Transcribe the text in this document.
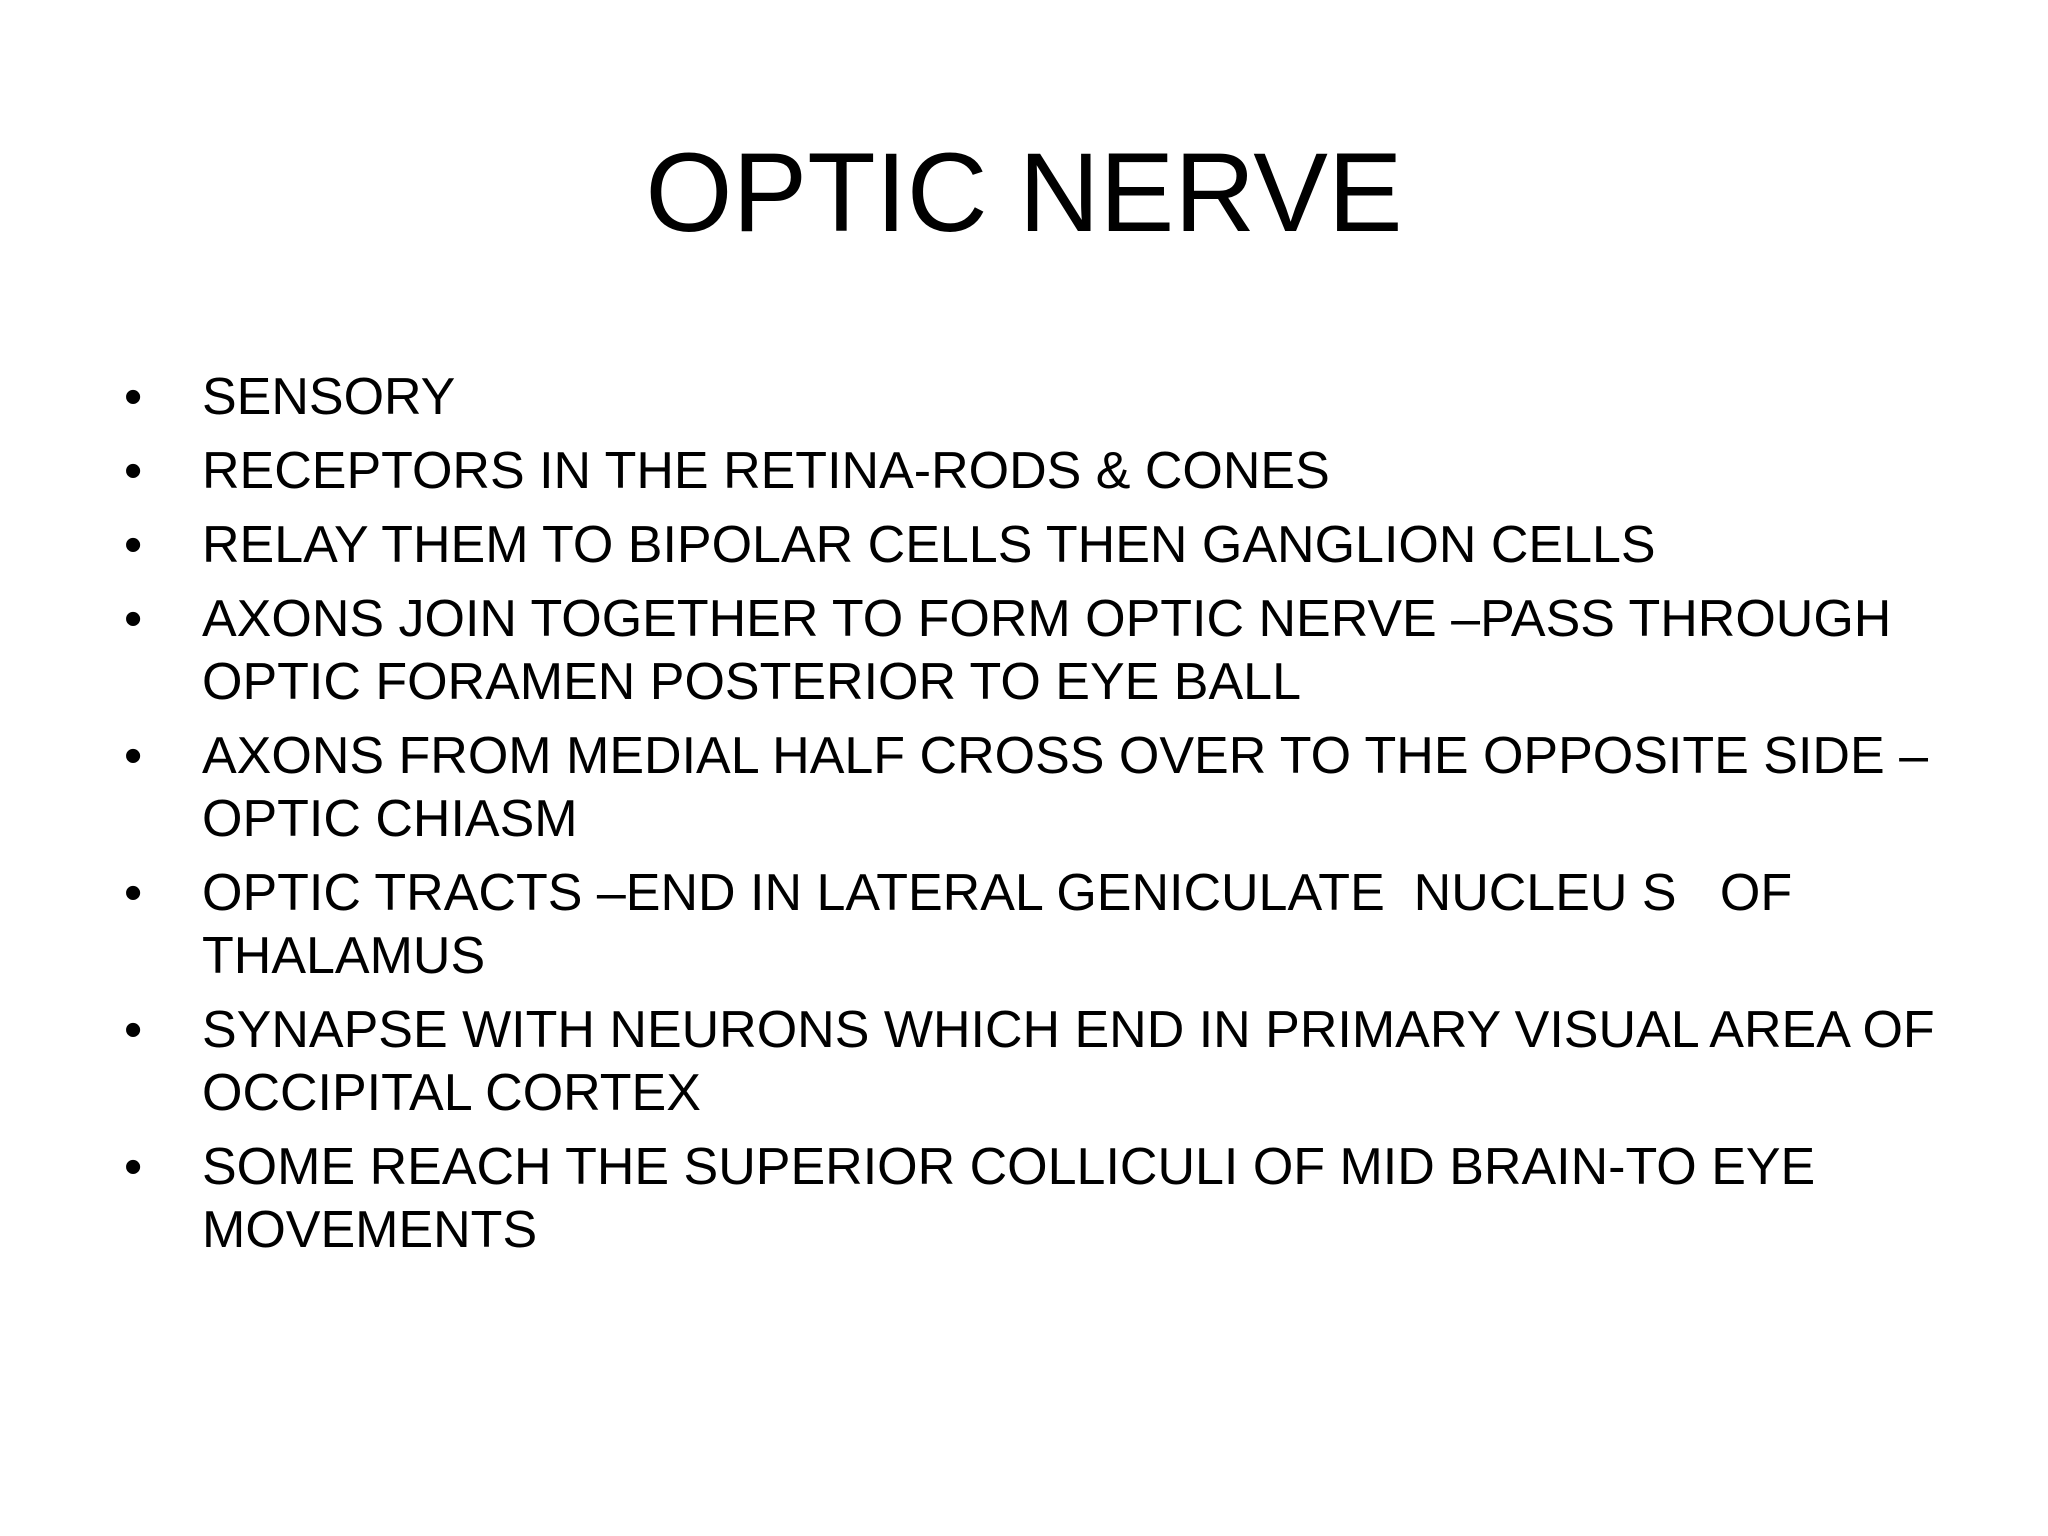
OPTIC NERVE
•	SENSORY
•	RECEPTORS IN THE RETINA-RODS & CONES
•	RELAY THEM TO BIPOLAR CELLS THEN GANGLION CELLS
•	AXONS JOIN TOGETHER TO FORM OPTIC NERVE –PASS THROUGH OPTIC FORAMEN POSTERIOR TO EYE BALL
•	AXONS FROM MEDIAL HALF CROSS OVER TO THE OPPOSITE SIDE – OPTIC CHIASM
•	OPTIC TRACTS –END IN LATERAL GENICULATE  NUCLEU S   OF THALAMUS
•	SYNAPSE WITH NEURONS WHICH END IN PRIMARY VISUAL AREA OF OCCIPITAL CORTEX
•	SOME REACH THE SUPERIOR COLLICULI OF MID BRAIN-TO EYE MOVEMENTS
